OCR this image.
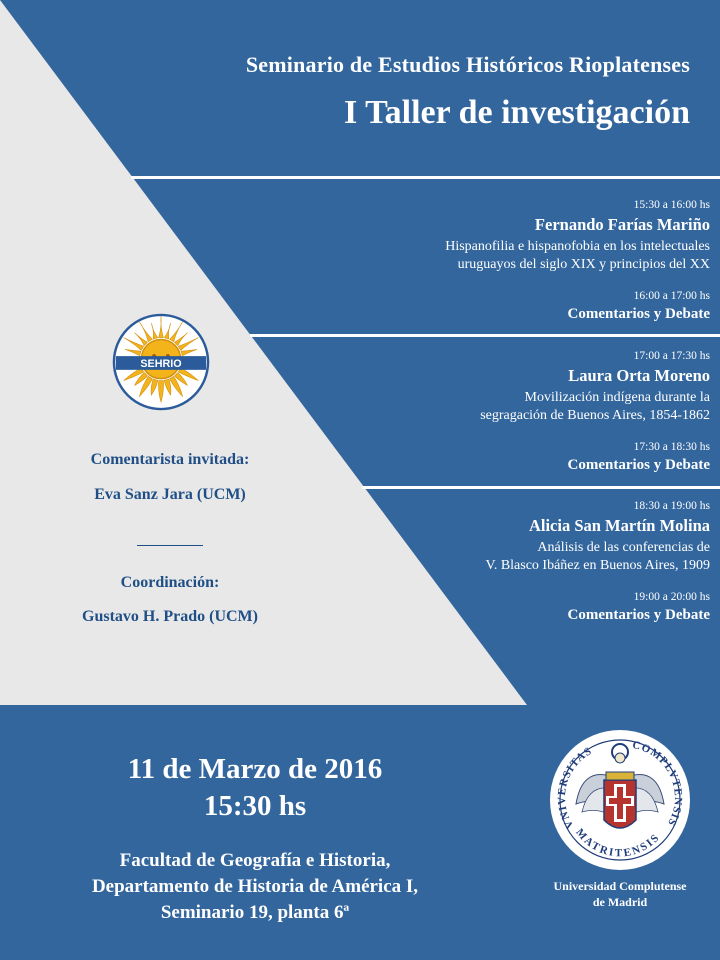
Seminario de Estudios Históricos Rioplatenses
I Taller de investigación
15:30 a 16:00 hs
Fernando Farías Mariño
Hispanofilia e hispanofobia en los intelectuales
uruguayos del siglo XIX y principios del XX
16:00 a 17:00 hs
Comentarios y Debate
17:00 a 17:30 hs
Laura Orta Moreno
Movilización indígena durante la
segragación de Buenos Aires, 1854-1862
17:30 a 18:30 hs
Comentarios y Debate
18:30 a 19:00 hs
Alicia San Martín Molina
Análisis de las conferencias de
V. Blasco Ibáñez en Buenos Aires, 1909
19:00 a 20:00 hs
Comentarios y Debate
SEHRIO
Comentarista invitada:
Eva Sanz Jara (UCM)
Coordinación:
Gustavo H. Prado (UCM)
11 de Marzo de 2016
15:30 hs
Facultad de Geografía e Historia,
Departamento de Historia de América I,
Seminario 19, planta 6ª
VNIVERSITAS	COMPLVTENSIS
MATRITENSIS
Universidad Complutense
de Madrid
